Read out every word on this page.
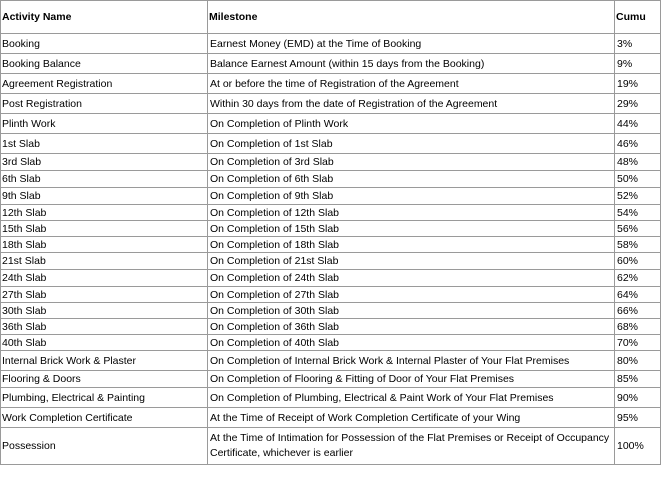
Activity Name	Milestone	Cumu
Booking	Earnest Money (EMD) at the Time of Booking	3%
Booking Balance	Balance Earnest Amount (within 15 days from the Booking)	9%
Agreement Registration	At or before the time of Registration of the Agreement	19%
Post Registration	Within 30 days from the date of Registration of the Agreement	29%
Plinth Work	On Completion of Plinth Work	44%
1st Slab	On Completion of 1st Slab	46%
3rd Slab	On Completion of 3rd Slab	48%
6th Slab	On Completion of 6th Slab	50%
9th Slab	On Completion of 9th Slab	52%
12th Slab	On Completion of 12th Slab	54%
15th Slab	On Completion of 15th Slab	56%
18th Slab	On Completion of 18th Slab	58%
21st Slab	On Completion of 21st Slab	60%
24th Slab	On Completion of 24th Slab	62%
27th Slab	On Completion of 27th Slab	64%
30th Slab	On Completion of 30th Slab	66%
36th Slab	On Completion of 36th Slab	68%
40th Slab	On Completion of 40th Slab	70%
Internal Brick Work & Plaster	On Completion of Internal Brick Work & Internal Plaster of Your Flat Premises	80%
Flooring & Doors	On Completion of Flooring & Fitting of Door of Your Flat Premises	85%
Plumbing, Electrical & Painting	On Completion of Plumbing, Electrical & Paint Work of Your Flat Premises	90%
Work Completion Certificate	At the Time of Receipt of Work Completion Certificate of your Wing	95%
Possession	At the Time of Intimation for Possession of the Flat Premises or Receipt of Occupancy Certificate, whichever is earlier	100%
